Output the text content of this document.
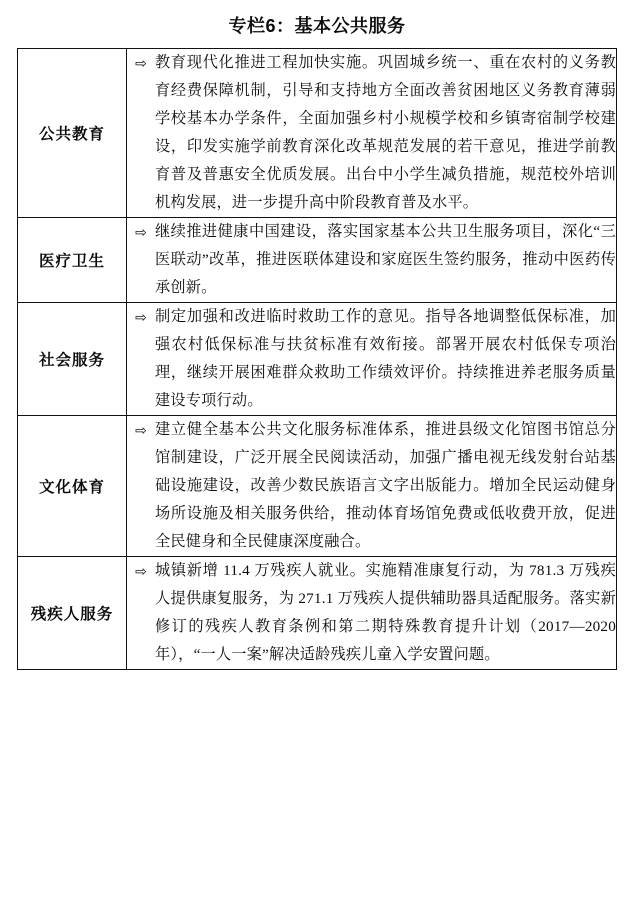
专栏6：基本公共服务
公共教育	⇨ 教育现代化推进工程加快实施。巩固城乡统一、重在农村的义务教育经费保障机制，引导和支持地方全面改善贫困地区义务教育薄弱学校基本办学条件，全面加强乡村小规模学校和乡镇寄宿制学校建设，印发实施学前教育深化改革规范发展的若干意见，推进学前教育普及普惠安全优质发展。出台中小学生减负措施，规范校外培训机构发展，进一步提升高中阶段教育普及水平。

医疗卫生	⇨ 继续推进健康中国建设，落实国家基本公共卫生服务项目，深化“三医联动”改革，推进医联体建设和家庭医生签约服务，推动中医药传承创新。

社会服务	⇨ 制定加强和改进临时救助工作的意见。指导各地调整低保标准，加强农村低保标准与扶贫标准有效衔接。部署开展农村低保专项治理，继续开展困难群众救助工作绩效评价。持续推进养老服务质量建设专项行动。

文化体育	⇨ 建立健全基本公共文化服务标准体系，推进县级文化馆图书馆总分馆制建设，广泛开展全民阅读活动，加强广播电视无线发射台站基础设施建设，改善少数民族语言文字出版能力。增加全民运动健身场所设施及相关服务供给，推动体育场馆免费或低收费开放，促进全民健身和全民健康深度融合。

残疾人服务	⇨ 城镇新增 11.4 万残疾人就业。实施精准康复行动，为 781.3 万残疾人提供康复服务，为 271.1 万残疾人提供辅助器具适配服务。落实新修订的残疾人教育条例和第二期特殊教育提升计划（2017—2020 年），“一人一案”解决适龄残疾儿童入学安置问题。
